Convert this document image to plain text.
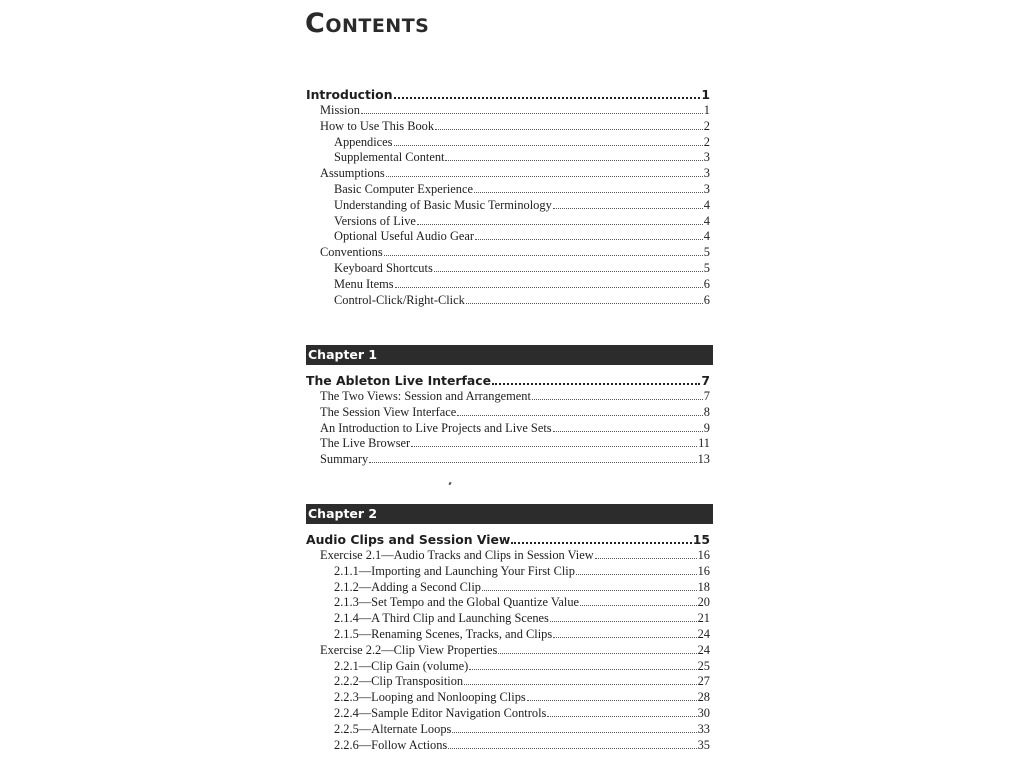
Contents
Introduction	1
Mission	1
How to Use This Book	2
Appendices	2
Supplemental Content	3
Assumptions	3
Basic Computer Experience	3
Understanding of Basic Music Terminology	4
Versions of Live	4
Optional Useful Audio Gear	4
Conventions	5
Keyboard Shortcuts	5
Menu Items	6
Control-Click/Right-Click	6
Chapter 1
The Ableton Live Interface	7
The Two Views: Session and Arrangement	7
The Session View Interface	8
An Introduction to Live Projects and Live Sets	9
The Live Browser	11
Summary	13
Chapter 2
Audio Clips and Session View	15
Exercise 2.1—Audio Tracks and Clips in Session View	16
2.1.1—Importing and Launching Your First Clip	16
2.1.2—Adding a Second Clip	18
2.1.3—Set Tempo and the Global Quantize Value	20
2.1.4—A Third Clip and Launching Scenes	21
2.1.5—Renaming Scenes, Tracks, and Clips	24
Exercise 2.2—Clip View Properties	24
2.2.1—Clip Gain (volume)	25
2.2.2—Clip Transposition	27
2.2.3—Looping and Nonlooping Clips	28
2.2.4—Sample Editor Navigation Controls	30
2.2.5—Alternate Loops	33
2.2.6—Follow Actions	35
